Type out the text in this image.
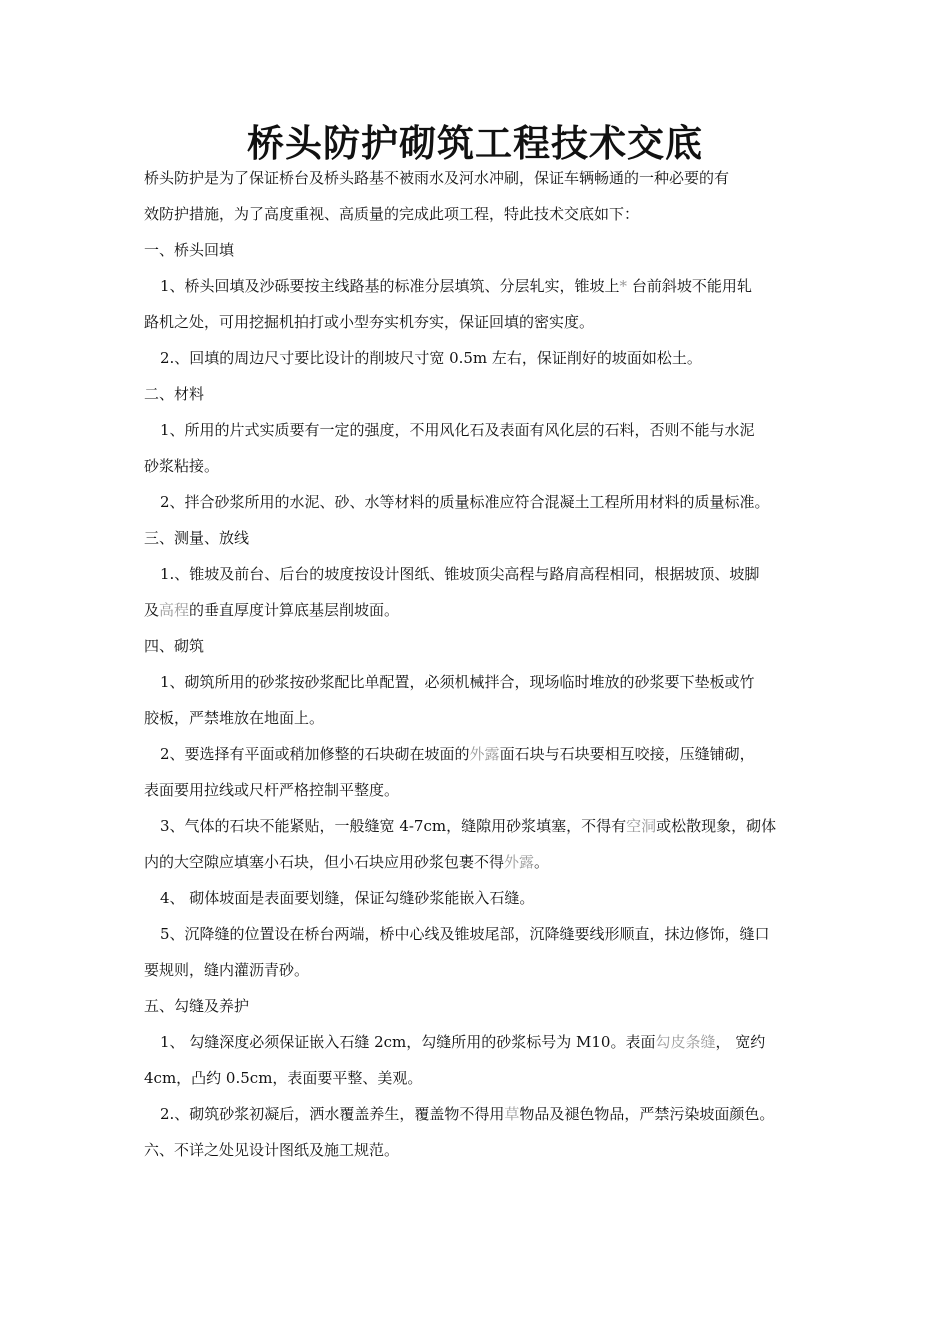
桥头防护砌筑工程技术交底
桥头防护是为了保证桥台及桥头路基不被雨水及河水冲刷，保证车辆畅通的一种必要的有
效防护措施，为了高度重视、高质量的完成此项工程，特此技术交底如下：
一、桥头回填
1、桥头回填及沙砾要按主线路基的标准分层填筑、分层轧实，锥坡上* 台前斜坡不能用轧
路机之处，可用挖掘机拍打或小型夯实机夯实，保证回填的密实度。
2.、回填的周边尺寸要比设计的削坡尺寸宽 0.5m 左右，保证削好的坡面如松土。
二、材料
1、所用的片式实质要有一定的强度，不用风化石及表面有风化层的石料，否则不能与水泥
砂浆粘接。
2、拌合砂浆所用的水泥、砂、水等材料的质量标准应符合混凝土工程所用材料的质量标准。
三、测量、放线
1.、锥坡及前台、后台的坡度按设计图纸、锥坡顶尖高程与路肩高程相同，根据坡顶、坡脚
及高程的垂直厚度计算底基层削坡面。
四、砌筑
1、砌筑所用的砂浆按砂浆配比单配置，必须机械拌合，现场临时堆放的砂浆要下垫板或竹
胶板，严禁堆放在地面上。
2、要选择有平面或稍加修整的石块砌在坡面的外露面石块与石块要相互咬接，压缝铺砌，
表面要用拉线或尺杆严格控制平整度。
3、气体的石块不能紧贴，一般缝宽 4-7cm，缝隙用砂浆填塞，不得有空洞或松散现象，砌体
内的大空隙应填塞小石块，但小石块应用砂浆包裹不得外露。
4、 砌体坡面是表面要划缝，保证勾缝砂浆能嵌入石缝。
5、沉降缝的位置设在桥台两端，桥中心线及锥坡尾部，沉降缝要线形顺直，抹边修饰，缝口
要规则，缝内灌沥青砂。
五、勾缝及养护
1、 勾缝深度必须保证嵌入石缝 2cm，勾缝所用的砂浆标号为 M10。表面勾皮条缝， 宽约
4cm，凸约 0.5cm，表面要平整、美观。
2.、砌筑砂浆初凝后，洒水覆盖养生，覆盖物不得用草物品及褪色物品，严禁污染坡面颜色。
六、不详之处见设计图纸及施工规范。
